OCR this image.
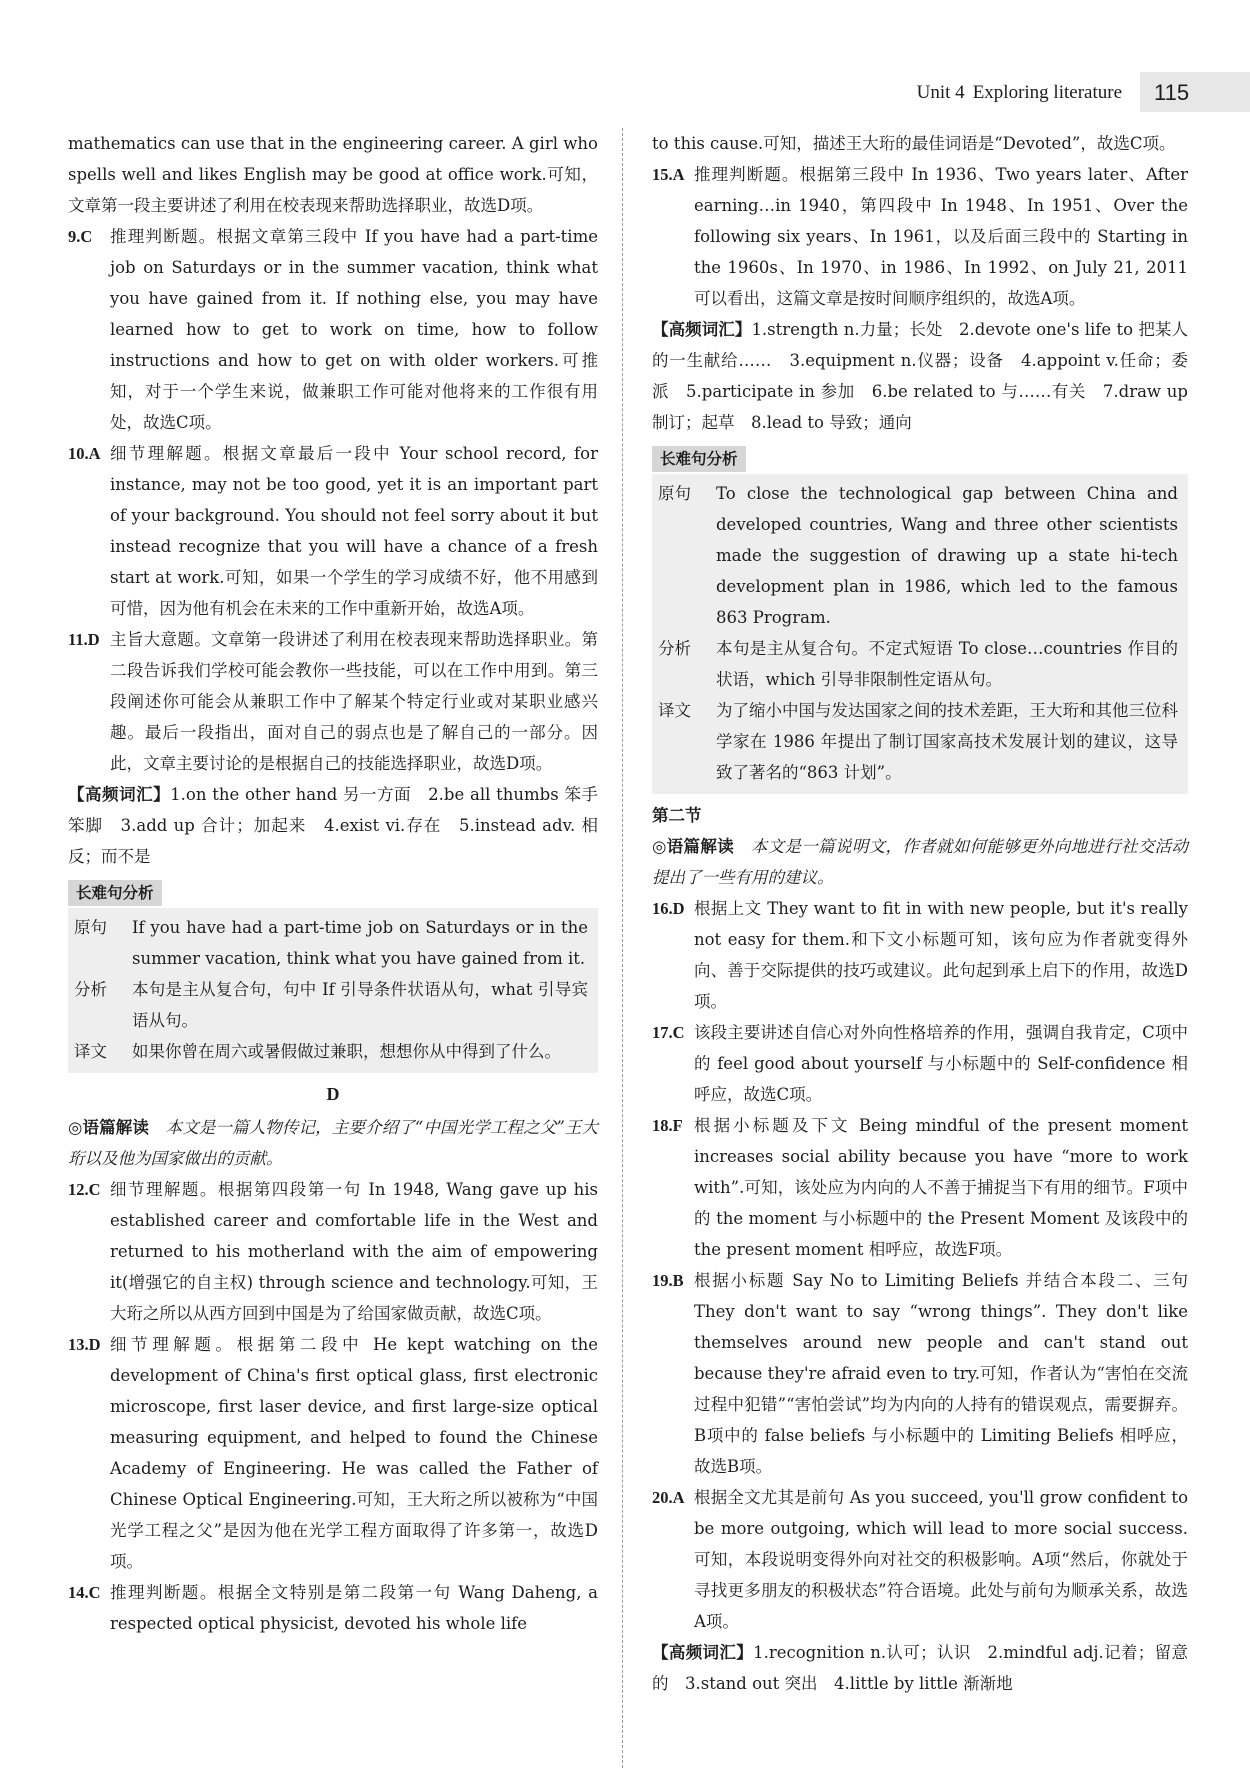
Unit 4 Exploring literature	115

mathematics can use that in the engineering career. A girl who spells well and likes English may be good at office work.可知，文章第一段主要讲述了利用在校表现来帮助选择职业，故选D项。

9.C	推理判断题。根据文章第三段中 If you have had a part-time job on Saturdays or in the summer vacation, think what you have gained from it. If nothing else, you may have learned how to get to work on time, how to follow instructions and how to get on with older workers.可推知，对于一个学生来说，做兼职工作可能对他将来的工作很有用处，故选C项。
10.A 细节理解题。根据文章最后一段中 Your school record, for instance, may not be too good, yet it is an important part of your background. You should not feel sorry about it but instead recognize that you will have a chance of a fresh start at work.可知，如果一个学生的学习成绩不好，他不用感到可惜，因为他有机会在未来的工作中重新开始，故选A项。
11.D 主旨大意题。文章第一段讲述了利用在校表现来帮助选择职业。第二段告诉我们学校可能会教你一些技能，可以在工作中用到。第三段阐述你可能会从兼职工作中了解某个特定行业或对某职业感兴趣。最后一段指出，面对自己的弱点也是了解自己的一部分。因此，文章主要讨论的是根据自己的技能选择职业，故选D项。

【高频词汇】1.on the other hand 另一方面　2.be all thumbs 笨手笨脚　3.add up 合计；加起来　4.exist vi.存在　5.instead adv. 相反；而不是

长难句分析
原句	If you have had a part-time job on Saturdays or in the summer vacation, think what you have gained from it.
分析	本句是主从复合句，句中 If 引导条件状语从句，what 引导宾语从句。
译文	如果你曾在周六或暑假做过兼职，想想你从中得到了什么。
D

◎语篇解读　 本文是一篇人物传记，主要介绍了“中国光学工程之父”王大珩以及他为国家做出的贡献。

12.C 细节理解题。根据第四段第一句 In 1948, Wang gave up his established career and comfortable life in the West and returned to his motherland with the aim of empowering it(增强它的自主权) through science and technology.可知，王大珩之所以从西方回到中国是为了给国家做贡献，故选C项。
13.D 细节理解题。根据第二段中 He kept watching on the development of China's first optical glass, first electronic microscope, first laser device, and first large-size optical measuring equipment, and helped to found the Chinese Academy of Engineering. He was called the Father of Chinese Optical Engineering.可知，王大珩之所以被称为“中国光学工程之父”是因为他在光学工程方面取得了许多第一，故选D项。
14.C 推理判断题。根据全文特别是第二段第一句 Wang Daheng, a respected optical physicist, devoted his whole life

to this cause.可知，描述王大珩的最佳词语是“Devoted”，故选C项。

15.A 推理判断题。根据第三段中 In 1936、Two years later、After earning…in 1940，第四段中 In 1948、In 1951、Over the following six years、In 1961，以及后面三段中的 Starting in the 1960s、In 1970、in 1986、In 1992、on July 21, 2011 可以看出，这篇文章是按时间顺序组织的，故选A项。

【高频词汇】1.strength n.力量；长处　2.devote one's life to 把某人的一生献给……　3.equipment n.仪器；设备　4.appoint v.任命；委派　5.participate in 参加　6.be related to 与……有关　7.draw up 制订；起草　8.lead to 导致；通向

长难句分析
原句	To close the technological gap between China and developed countries, Wang and three other scientists made the suggestion of drawing up a state hi-tech development plan in 1986, which led to the famous 863 Program.
分析	本句是主从复合句。不定式短语 To close…countries 作目的状语，which 引导非限制性定语从句。
译文	为了缩小中国与发达国家之间的技术差距，王大珩和其他三位科学家在 1986 年提出了制订国家高技术发展计划的建议，这导致了著名的“863 计划”。
第二节

◎语篇解读　 本文是一篇说明文，作者就如何能够更外向地进行社交活动提出了一些有用的建议。

16.D 根据上文 They want to fit in with new people, but it's really not easy for them.和下文小标题可知，该句应为作者就变得外向、善于交际提供的技巧或建议。此句起到承上启下的作用，故选D项。
17.C 该段主要讲述自信心对外向性格培养的作用，强调自我肯定，C项中的 feel good about yourself 与小标题中的 Self-confidence 相呼应，故选C项。
18.F 根据小标题及下文 Being mindful of the present moment increases social ability because you have “more to work with”.可知，该处应为内向的人不善于捕捉当下有用的细节。F项中的 the moment 与小标题中的 the Present Moment 及该段中的 the present moment 相呼应，故选F项。
19.B 根据小标题 Say No to Limiting Beliefs 并结合本段二、三句 They don't want to say “wrong things”. They don't like themselves around new people and can't stand out because they're afraid even to try.可知，作者认为“害怕在交流过程中犯错”“害怕尝试”均为内向的人持有的错误观点，需要摒弃。B项中的 false beliefs 与小标题中的 Limiting Beliefs 相呼应，故选B项。
20.A 根据全文尤其是前句 As you succeed, you'll grow confident to be more outgoing, which will lead to more social success.可知，本段说明变得外向对社交的积极影响。A项“然后，你就处于寻找更多朋友的积极状态”符合语境。此处与前句为顺承关系，故选A项。

【高频词汇】1.recognition n.认可；认识　2.mindful adj.记着；留意的　3.stand out 突出　4.little by little 渐渐地
